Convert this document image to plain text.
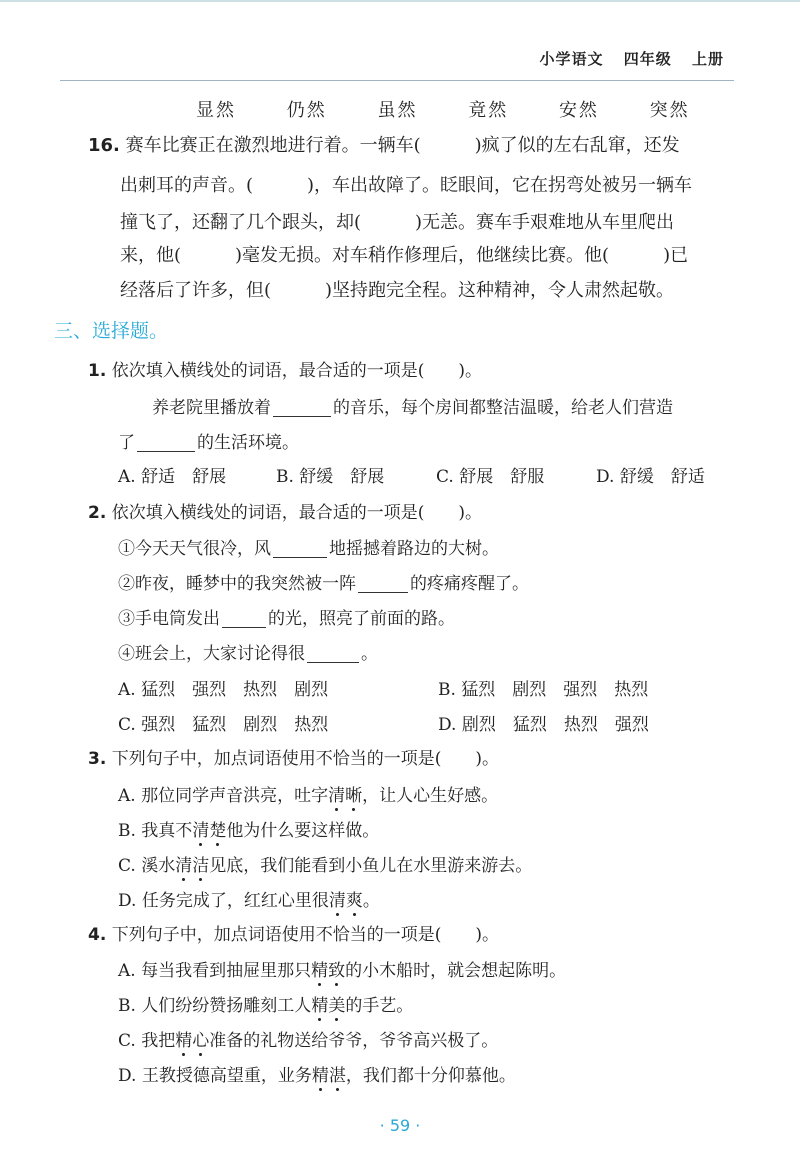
小学语文 四年级 上册
显然	仍然	虽然	竟然	安然	突然
16. 赛车比赛正在激烈地进行着。一辆车(　　　)疯了似的左右乱窜，还发
出刺耳的声音。(　　　)，车出故障了。眨眼间，它在拐弯处被另一辆车
撞飞了，还翻了几个跟头，却(　　　)无恙。赛车手艰难地从车里爬出
来，他(　　　)毫发无损。对车稍作修理后，他继续比赛。他(　　　)已
经落后了许多，但(　　　)坚持跑完全程。这种精神，令人肃然起敬。
三、选择题。
1. 依次填入横线处的词语，最合适的一项是(　　)。
养老院里播放着	的音乐，每个房间都整洁温暖，给老人们营造
了	的生活环境。
A. 舒适　舒展	B. 舒缓　舒展	C. 舒展　舒服	D. 舒缓　舒适
2. 依次填入横线处的词语，最合适的一项是(　　)。
①今天天气很冷，风	地摇撼着路边的大树。
②昨夜，睡梦中的我突然被一阵	的疼痛疼醒了。
③手电筒发出	的光，照亮了前面的路。
④班会上，大家讨论得很	。
A. 猛烈　强烈　热烈　剧烈	B. 猛烈　剧烈　强烈　热烈
C. 强烈　猛烈　剧烈　热烈	D. 剧烈　猛烈　热烈　强烈
3. 下列句子中，加点词语使用不恰当的一项是(　　)。
A. 那位同学声音洪亮，吐字清晰，让人心生好感。
B. 我真不清楚他为什么要这样做。
C. 溪水清洁见底，我们能看到小鱼儿在水里游来游去。
D. 任务完成了，红红心里很清爽。
4. 下列句子中，加点词语使用不恰当的一项是(　　)。
A. 每当我看到抽屉里那只精致的小木船时，就会想起陈明。
B. 人们纷纷赞扬雕刻工人精美的手艺。
C. 我把精心准备的礼物送给爷爷，爷爷高兴极了。
D. 王教授德高望重，业务精湛，我们都十分仰慕他。
· 59 ·
